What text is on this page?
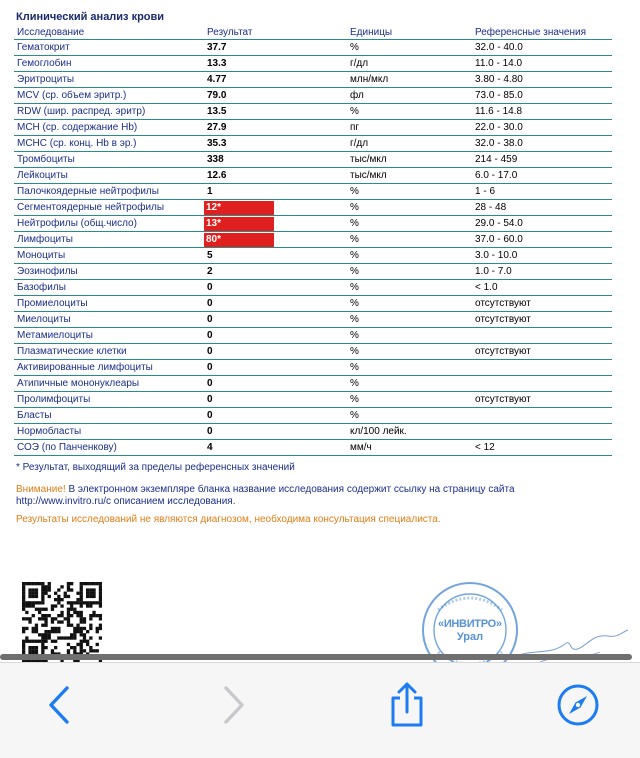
Клинический анализ крови
Исследование	Результат	Единицы	Референсные значения
Гематокрит	37.7	%	32.0 - 40.0
Гемоглобин	13.3	г/дл	11.0 - 14.0
Эритроциты	4.77	млн/мкл	3.80 - 4.80
MCV (ср. объем эритр.)	79.0	фл	73.0 - 85.0
RDW (шир. распред. эритр)	13.5	%	11.6 - 14.8
MCH (ср. содержание Hb)	27.9	пг	22.0 - 30.0
MCHC (ср. конц. Hb в эр.)	35.3	г/дл	32.0 - 38.0
Тромбоциты	338	тыс/мкл	214 - 459
Лейкоциты	12.6	тыс/мкл	6.0 - 17.0
Палочкоядерные нейтрофилы	1	%	1 - 6
Сегментоядерные нейтрофилы	12*	%	28 - 48
Нейтрофилы (общ.число)	13*	%	29.0 - 54.0
Лимфоциты	80*	%	37.0 - 60.0
Моноциты	5	%	3.0 - 10.0
Эозинофилы	2	%	1.0 - 7.0
Базофилы	0	%	< 1.0
Промиелоциты	0	%	отсутствуют
Миелоциты	0	%	отсутствуют
Метамиелоциты	0	%	
Плазматические клетки	0	%	отсутствуют
Активированные лимфоциты	0	%	
Атипичные мононуклеары	0	%	
Пролимфоциты	0	%	отсутствуют
Бласты	0	%	
Нормобласты	0	кл/100 лейк.	
СОЭ (по Панченкову)	4	мм/ч	< 12
* Результат, выходящий за пределы референсных значений
Внимание! В электронном экземпляре бланка название исследования содержит ссылку на страницу сайта
http://www.invitro.ru/с описанием исследования.
Результаты исследований не являются диагнозом, необходима консультация специалиста.
«ИНВИТРО»
Урал
